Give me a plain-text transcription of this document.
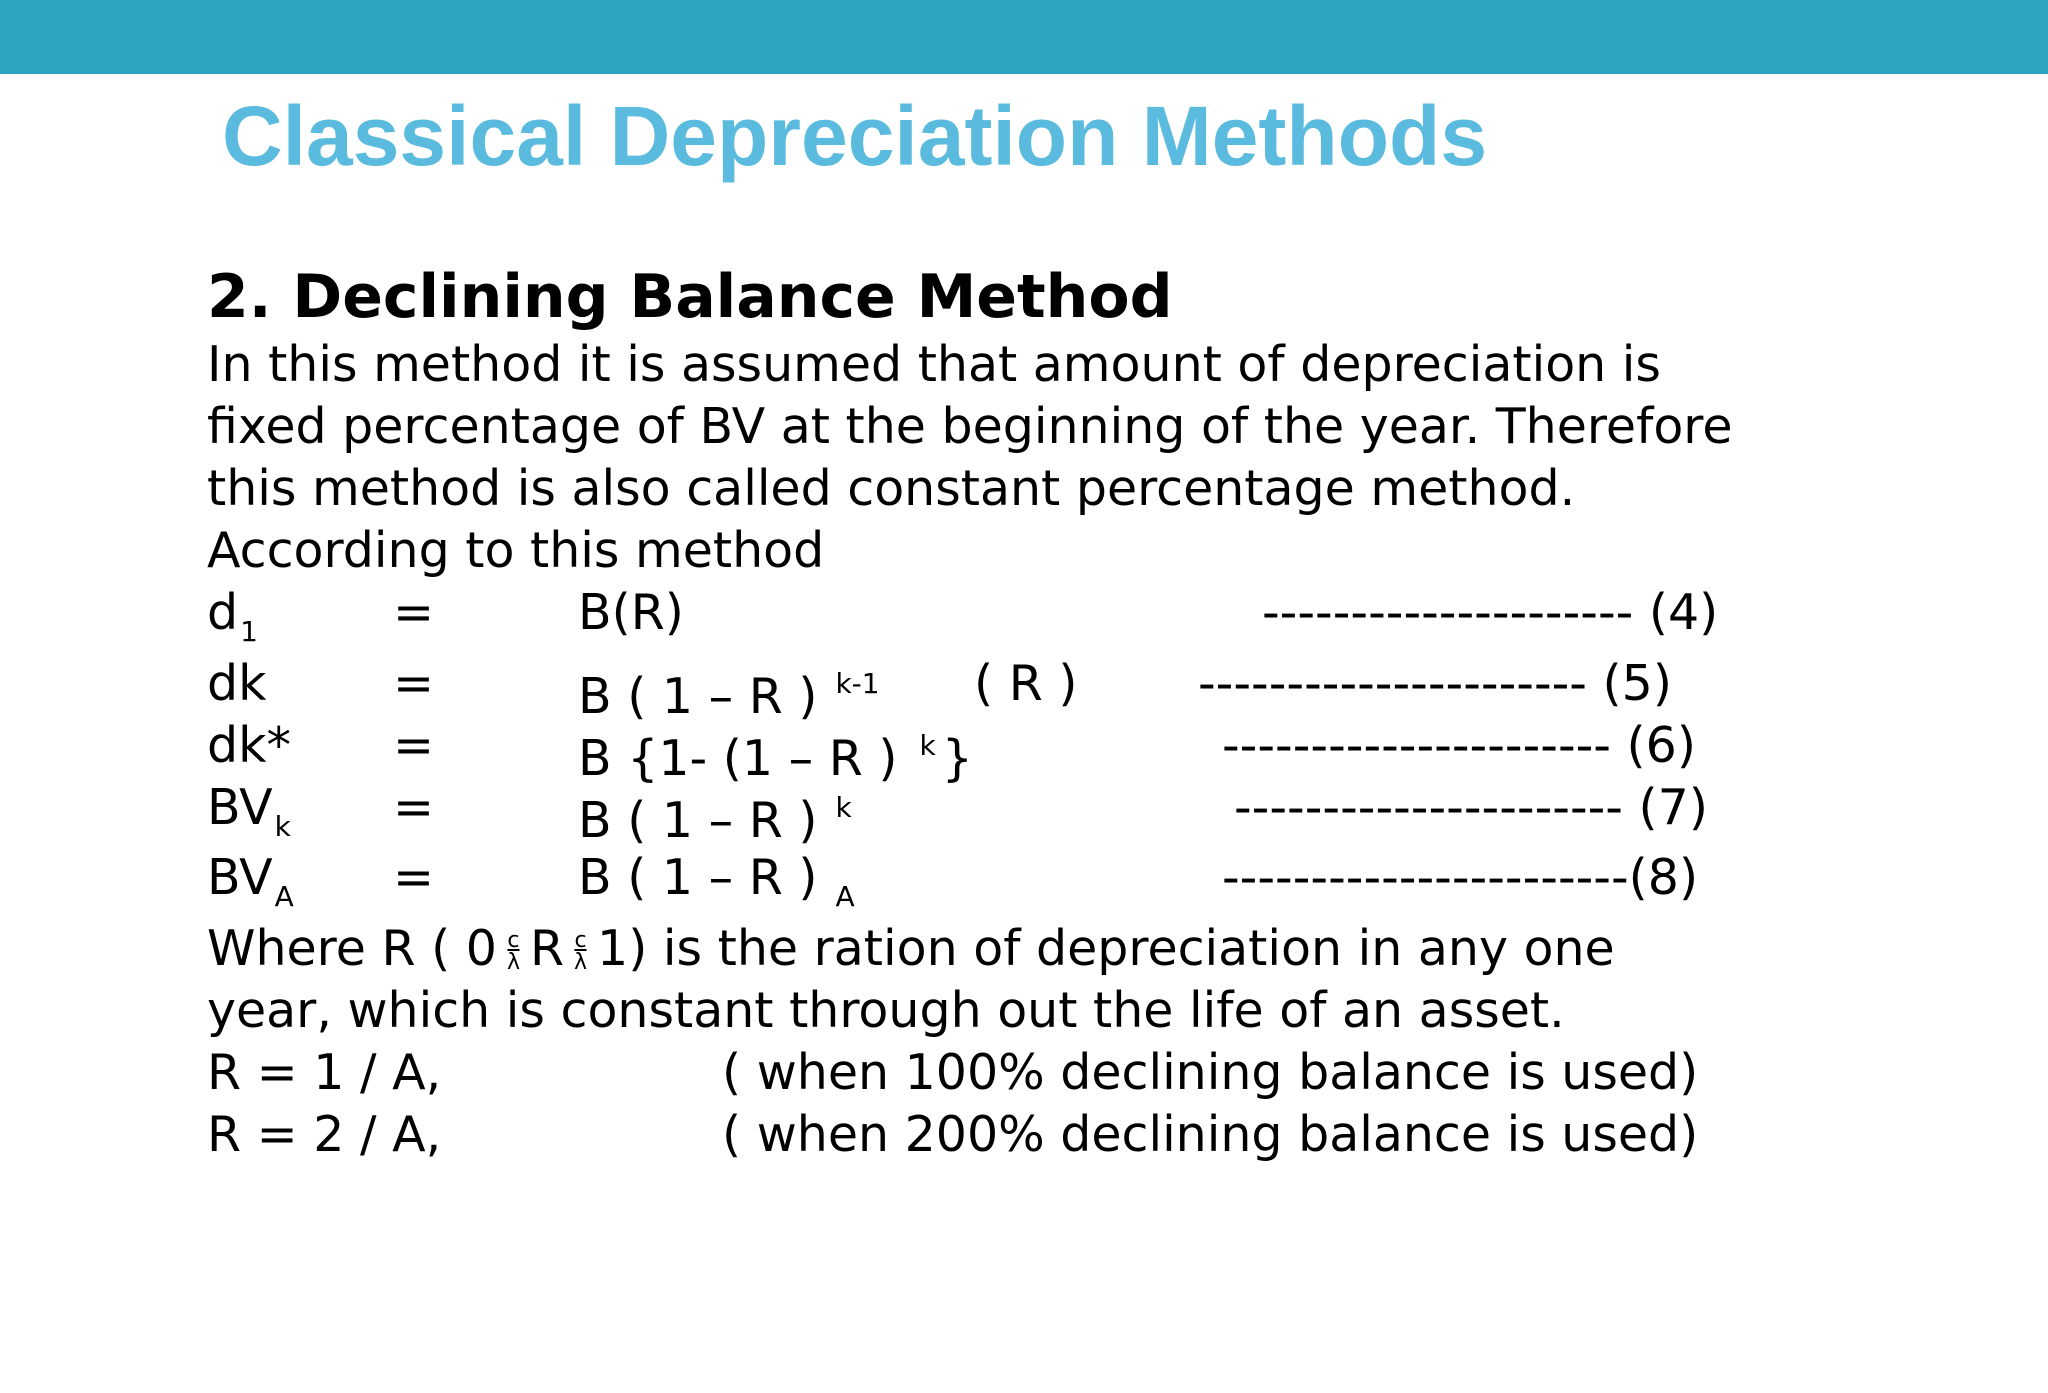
Classical Depreciation Methods
2. Declining Balance Method

In this method it is assumed that amount of depreciation is

fixed percentage of BV at the beginning of the year. Therefore

this method is also called constant percentage method.

According to this method

$d_1$	=	B(R)	--------------------- (4)
dk	=	B ( 1 – R ) $^{k-1}$ ( R ) ---------------------- (5)
dk* =	B {1- (1 – R ) $^k$ }	---------------------- (6)
$BV_k$ =	B ( 1 – R ) $^k$	---------------------- (7)
$BV_A$ =	B ( 1 – R ) $_A$	-----------------------(8)

Where R ( $0 \frac{c}{\lambda}$ R $\frac{c}{\lambda} 1$) is the ration of depreciation in any one

year, which is constant through out the life of an asset.

R = 1 / A,	( when 100% declining balance is used)
R = 2 / A,	( when 200% declining balance is used)
